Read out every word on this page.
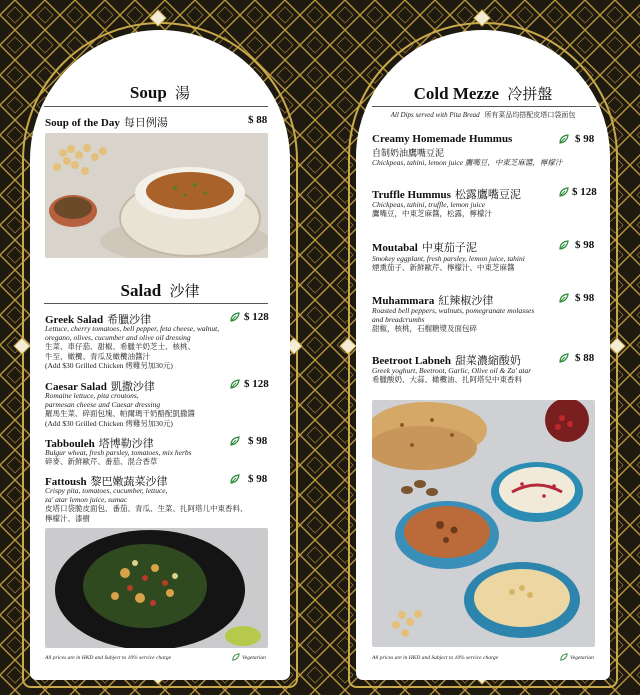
Soup 湯
Soup of the Day 每日例湯	$ 88
Salad 沙律
Greek Salad 希臘沙律	$ 128
Lettuce, cherry tomatoes, bell pepper, feta cheese, walnut,
oregano, olives, cucumber and olive oil dressing
生菜、車仔茄、甜椒、希臘羊奶芝士、核桃、
牛至、橄欖、青瓜及橄欖油醬汁
(Add $30 Grilled Chicken 烤雞另加30元)
Caesar Salad 凱撒沙律	$ 128
Romaine lettuce, pita croutons,
parmesan cheese and Caesar dressing
羅馬生菜、碎面包塊、帕爾瑪干奶酪配凱撒醬
(Add $30 Grilled Chicken 烤雞另加30元)
Tabbouleh 塔博勒沙律	$ 98
Bulgur wheat, fresh parsley, tomatoes, mix herbs
碎麥、新鮮歐芹、番茄、混合香草
Fattoush 黎巴嫩蔬菜沙律	$ 98
Crispy pita, tomatoes, cucumber, lettuce,
za' atar lemon juice, sumac
皮塔口袋脆皮面包、番茄、青瓜、生菜、扎阿塔儿中東香料、
檸檬汁、漆樹
All prices are in HKD and Subject to 10% service charge	Vegetarian
Cold Mezze 冷拼盤
All Dips served with Pita Bread 所有菜品均搭配皮塔口袋面包
Creamy Homemade Hummus	$ 98
自制奶油鷹嘴豆泥
Chickpeas, tahini, lemon juice 鷹嘴豆，中東芝麻醬，檸檬汁
Truffle Hummus 松露鷹嘴豆泥	$ 128
Chickpeas, tahini, truffle, lemon juice
鷹嘴豆，中東芝麻醬，松露，檸檬汁
Moutabal 中東茄子泥	$ 98
Smokey eggplant, fresh parsley, lemon juice, tahini
煙熏茄子、新鮮歐芹、檸檬汁、中東芝麻醬
Muhammara 紅辣椒沙律	$ 98
Roasted bell peppers, walnuts, pomegranate molasses
and breadcrumbs
甜椒，核桃，石榴糖漿及面包碎
Beetroot Labneh 甜菜濃縮酸奶	$ 88
Greek yoghurt, Beetroot, Garlic, Olive oil & Za' atar
希臘酸奶、大蒜、橄欖油、扎阿塔兒中東香料
All prices are in HKD and Subject to 10% service charge	Vegetarian
